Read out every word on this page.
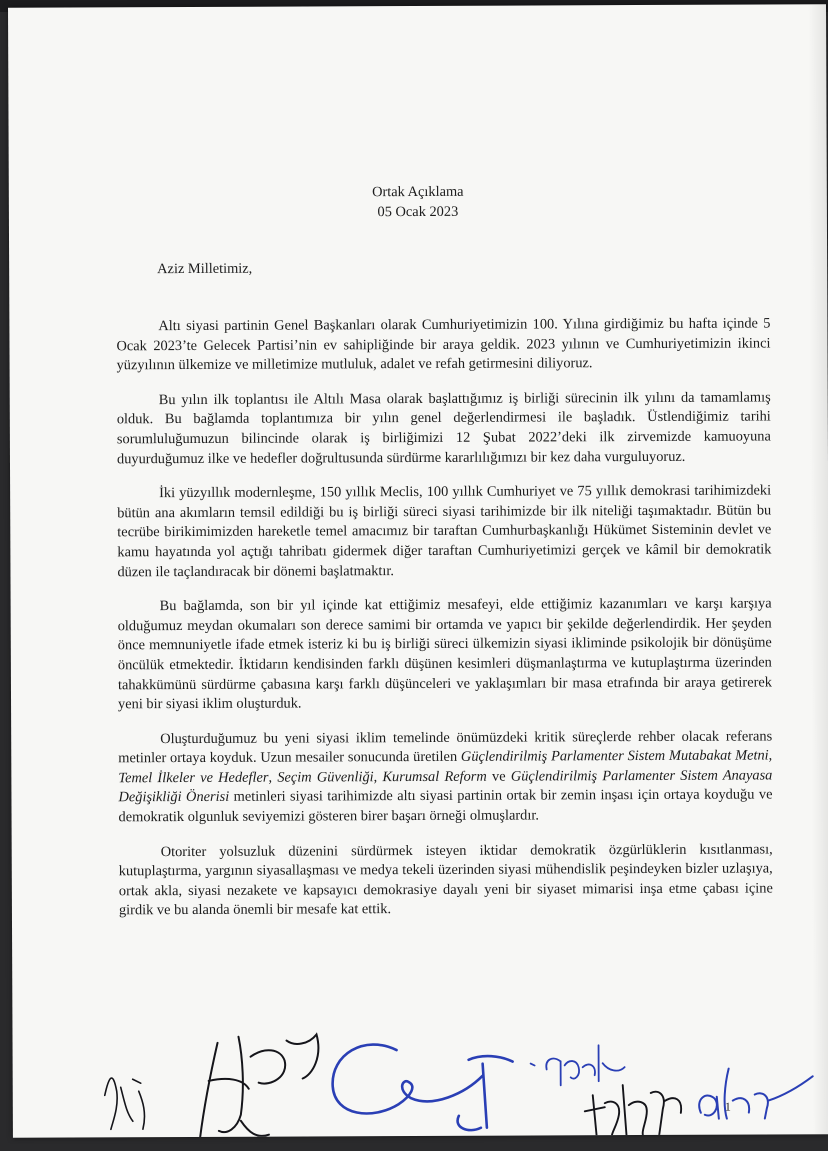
Ortak Açıklama
05 Ocak 2023
Aziz Milletimiz,

Altı siyasi partinin Genel Başkanları olarak Cumhuriyetimizin 100. Yılına girdiğimiz bu hafta içinde 5 Ocak 2023’te Gelecek Partisi’nin ev sahipliğinde bir araya geldik. 2023 yılının ve Cumhuriyetimizin ikinci yüzyılının ülkemize ve milletimize mutluluk, adalet ve refah getirmesini diliyoruz.

Bu yılın ilk toplantısı ile Altılı Masa olarak başlattığımız iş birliği sürecinin ilk yılını da tamamlamış olduk. Bu bağlamda toplantımıza bir yılın genel değerlendirmesi ile başladık. Üstlendiğimiz tarihi sorumluluğumuzun bilincinde olarak iş birliğimizi 12 Şubat 2022’deki ilk zirvemizde kamuoyuna duyurduğumuz ilke ve hedefler doğrultusunda sürdürme kararlılığımızı bir kez daha vurguluyoruz.

İki yüzyıllık modernleşme, 150 yıllık Meclis, 100 yıllık Cumhuriyet ve 75 yıllık demokrasi tarihimizdeki bütün ana akımların temsil edildiği bu iş birliği süreci siyasi tarihimizde bir ilk niteliği taşımaktadır. Bütün bu tecrübe birikimimizden hareketle temel amacımız bir taraftan Cumhurbaşkanlığı Hükümet Sisteminin devlet ve kamu hayatında yol açtığı tahribatı gidermek diğer taraftan Cumhuriyetimizi gerçek ve kâmil bir demokratik düzen ile taçlandıracak bir dönemi başlatmaktır.

Bu bağlamda, son bir yıl içinde kat ettiğimiz mesafeyi, elde ettiğimiz kazanımları ve karşı karşıya olduğumuz meydan okumaları son derece samimi bir ortamda ve yapıcı bir şekilde değerlendirdik. Her şeyden önce memnuniyetle ifade etmek isteriz ki bu iş birliği süreci ülkemizin siyasi ikliminde psikolojik bir dönüşüme öncülük etmektedir. İktidarın kendisinden farklı düşünen kesimleri düşmanlaştırma ve kutuplaştırma üzerinden tahakkümünü sürdürme çabasına karşı farklı düşünceleri ve yaklaşımları bir masa etrafında bir araya getirerek yeni bir siyasi iklim oluşturduk.

Oluşturduğumuz bu yeni siyasi iklim temelinde önümüzdeki kritik süreçlerde rehber olacak referans metinler ortaya koyduk. Uzun mesailer sonucunda üretilen Güçlendirilmiş Parlamenter Sistem Mutabakat Metni, Temel İlkeler ve Hedefler, Seçim Güvenliği, Kurumsal Reform ve Güçlendirilmiş Parlamenter Sistem Anayasa Değişikliği Önerisi metinleri siyasi tarihimizde altı siyasi partinin ortak bir zemin inşası için ortaya koyduğu ve demokratik olgunluk seviyemizi gösteren birer başarı örneği olmuşlardır.

Otoriter yolsuzluk düzenini sürdürmek isteyen iktidar demokratik özgürlüklerin kısıtlanması, kutuplaştırma, yargının siyasallaşması ve medya tekeli üzerinden siyasi mühendislik peşindeyken bizler uzlaşıya, ortak akla, siyasi nezakete ve kapsayıcı demokrasiye dayalı yeni bir siyaset mimarisi inşa etme çabası içine girdik ve bu alanda önemli bir mesafe kat ettik.

1
